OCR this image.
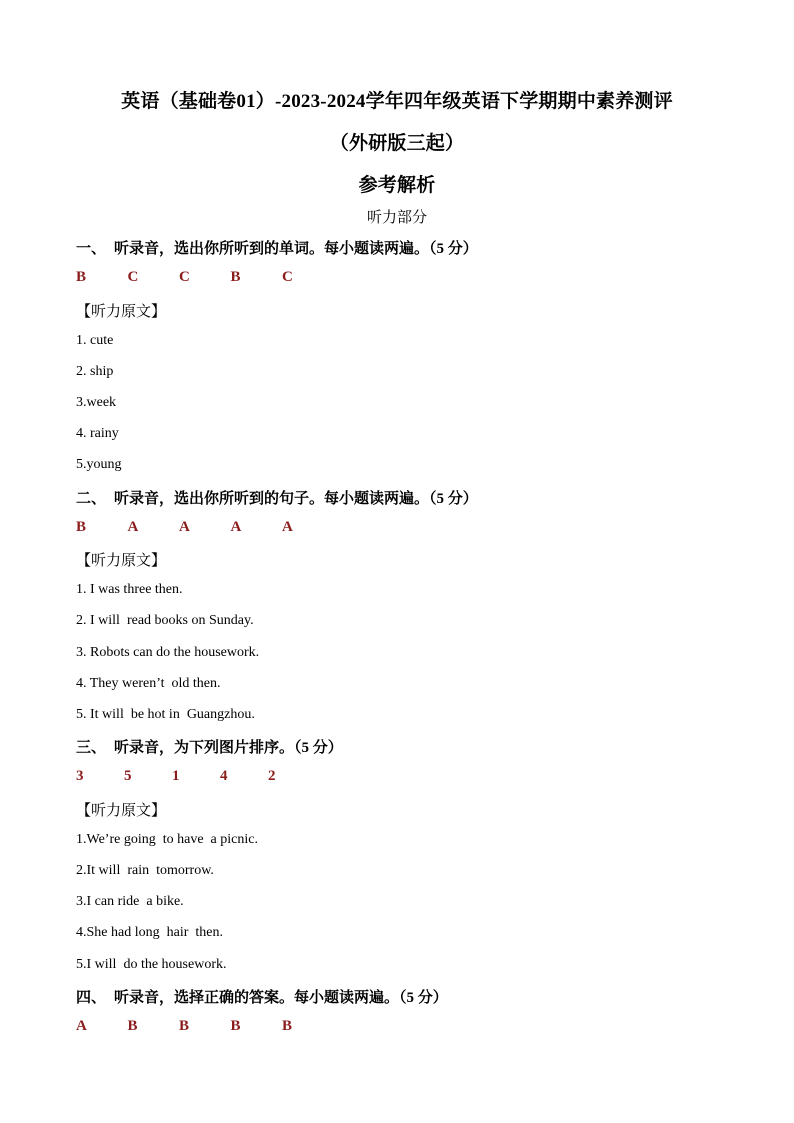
英语（基础卷01）-2023-2024学年四年级英语下学期期中素养测评
（外研版三起）
参考解析
听力部分
一、 听录音，选出你所听到的单词。每小题读两遍。（5 分）
B	C	C	B	C
【听力原文】
1. cute
2. ship
3.week
4. rainy
5.young
二、 听录音，选出你所听到的句子。每小题读两遍。（5 分）
B	A	A	A	A
【听力原文】
1. I was three then.
2. I will  read books on Sunday.
3. Robots can do the housework.
4. They weren’t  old then.
5. It will  be hot in  Guangzhou.
三、 听录音，为下列图片排序。（5 分）
3	5	1	4	2
【听力原文】
1.We’re going  to have  a picnic.
2.It will  rain  tomorrow.
3.I can ride  a bike.
4.She had long  hair  then.
5.I will  do the housework.
四、 听录音，选择正确的答案。每小题读两遍。（5 分）
A	B	B	B	B
